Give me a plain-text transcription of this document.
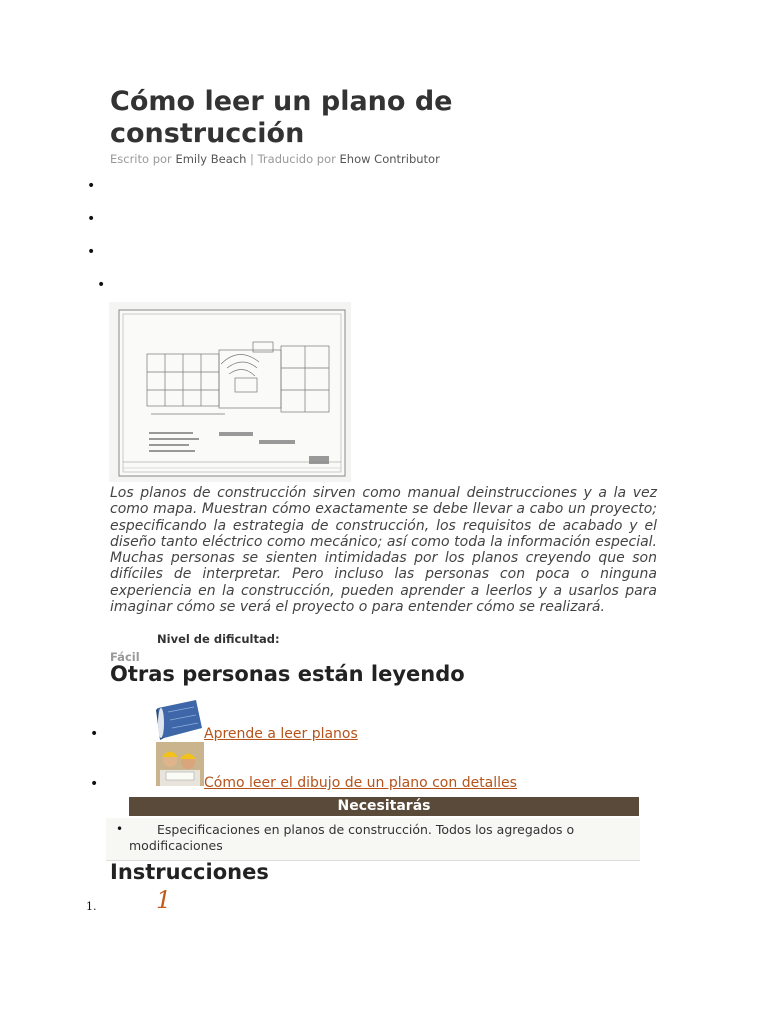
Cómo leer un plano de construcción
Escrito por Emily Beach | Traducido por Ehow Contributor
•
•
•
•
Los planos de construcción sirven como manual deinstrucciones y a la vez como mapa. Muestran cómo exactamente se debe llevar a cabo un proyecto; especificando la estrategia de construcción, los requisitos de acabado y el diseño tanto eléctrico como mecánico; así como toda la información especial. Muchas personas se sienten intimidadas por los planos creyendo que son difíciles de interpretar. Pero incluso las personas con poca o ninguna experiencia en la construcción, pueden aprender a leerlos y a usarlos para imaginar cómo se verá el proyecto o para entender cómo se realizará.
Nivel de dificultad:
Fácil
Otras personas están leyendo
•	Aprende a leer planos
•	Cómo leer el dibujo de un plano con detalles
Necesitarás
•	Especificaciones en planos de construcción. Todos los agregados o modificaciones
Instrucciones
1. 1
